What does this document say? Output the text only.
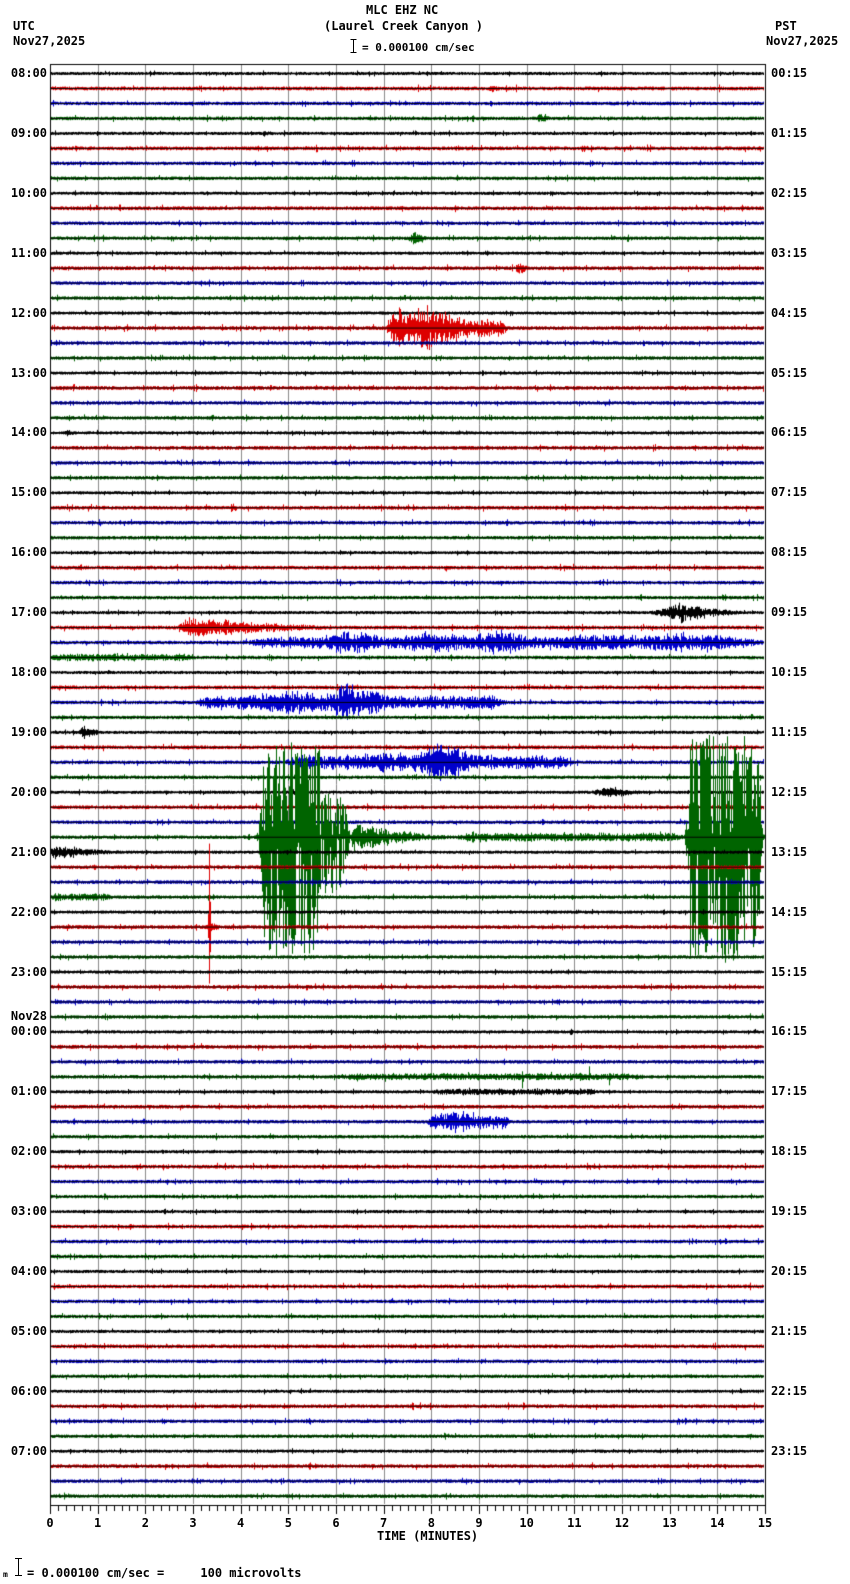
MLC EHZ NC
(Laurel Creek Canyon )
UTC
Nov27,2025
PST
Nov27,2025
= 0.000100 cm/sec
08:00
09:00
10:00
11:00
12:00
13:00
14:00
15:00
16:00
17:00
18:00
19:00
20:00
21:00
22:00
23:00
00:00
Nov28
01:00
02:00
03:00
04:00
05:00
06:00
07:00
00:15
01:15
02:15
03:15
04:15
05:15
06:15
07:15
08:15
09:15
10:15
11:15
12:15
13:15
14:15
15:15
16:15
17:15
18:15
19:15
20:15
21:15
22:15
23:15
0	1	2	3	4	5	6	7	8	9	10	11	12	13	14	15
TIME (MINUTES)
m = 0.000100 cm/sec =     100 microvolts
